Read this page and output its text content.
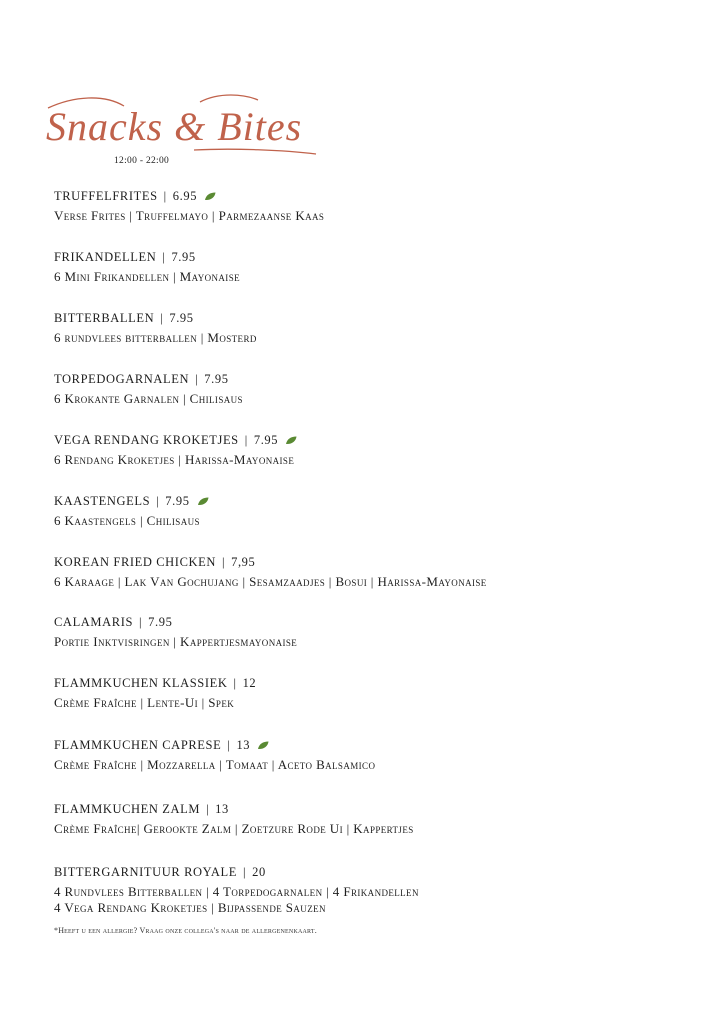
Snacks & Bites
12:00 - 22:00
TRUFFELFRITES | 6.95
Verse Frites | Truffelmayo | Parmezaanse Kaas
FRIKANDELLEN | 7.95
6 Mini Frikandellen | Mayonaise
BITTERBALLEN | 7.95
6 rundvlees bitterballen | Mosterd
TORPEDOGARNALEN | 7.95
6 Krokante Garnalen | Chilisaus
VEGA RENDANG KROKETJES | 7.95
6 Rendang Kroketjes | Harissa-Mayonaise
KAASTENGELS | 7.95
6 Kaastengels | Chilisaus
KOREAN FRIED CHICKEN | 7,95
6 Karaage | Lak Van Gochujang | Sesamzaadjes | Bosui | Harissa-Mayonaise
CALAMARIS | 7.95
Portie Inktvisringen | Kappertjesmayonaise
FLAMMKUCHEN KLASSIEK | 12
Crème Fraîche | Lente-Ui | Spek
FLAMMKUCHEN CAPRESE | 13
Crème Fraîche | Mozzarella | Tomaat | Aceto Balsamico
FLAMMKUCHEN ZALM | 13
Crème Fraîche| Gerookte Zalm | Zoetzure Rode Ui | Kappertjes
BITTERGARNITUUR ROYALE | 20
4 Rundvlees Bitterballen | 4 Torpedogarnalen | 4 Frikandellen
4 Vega Rendang Kroketjes | Bijpassende Sauzen
*Heeft u een allergie? Vraag onze collega's naar de allergenenkaart.
